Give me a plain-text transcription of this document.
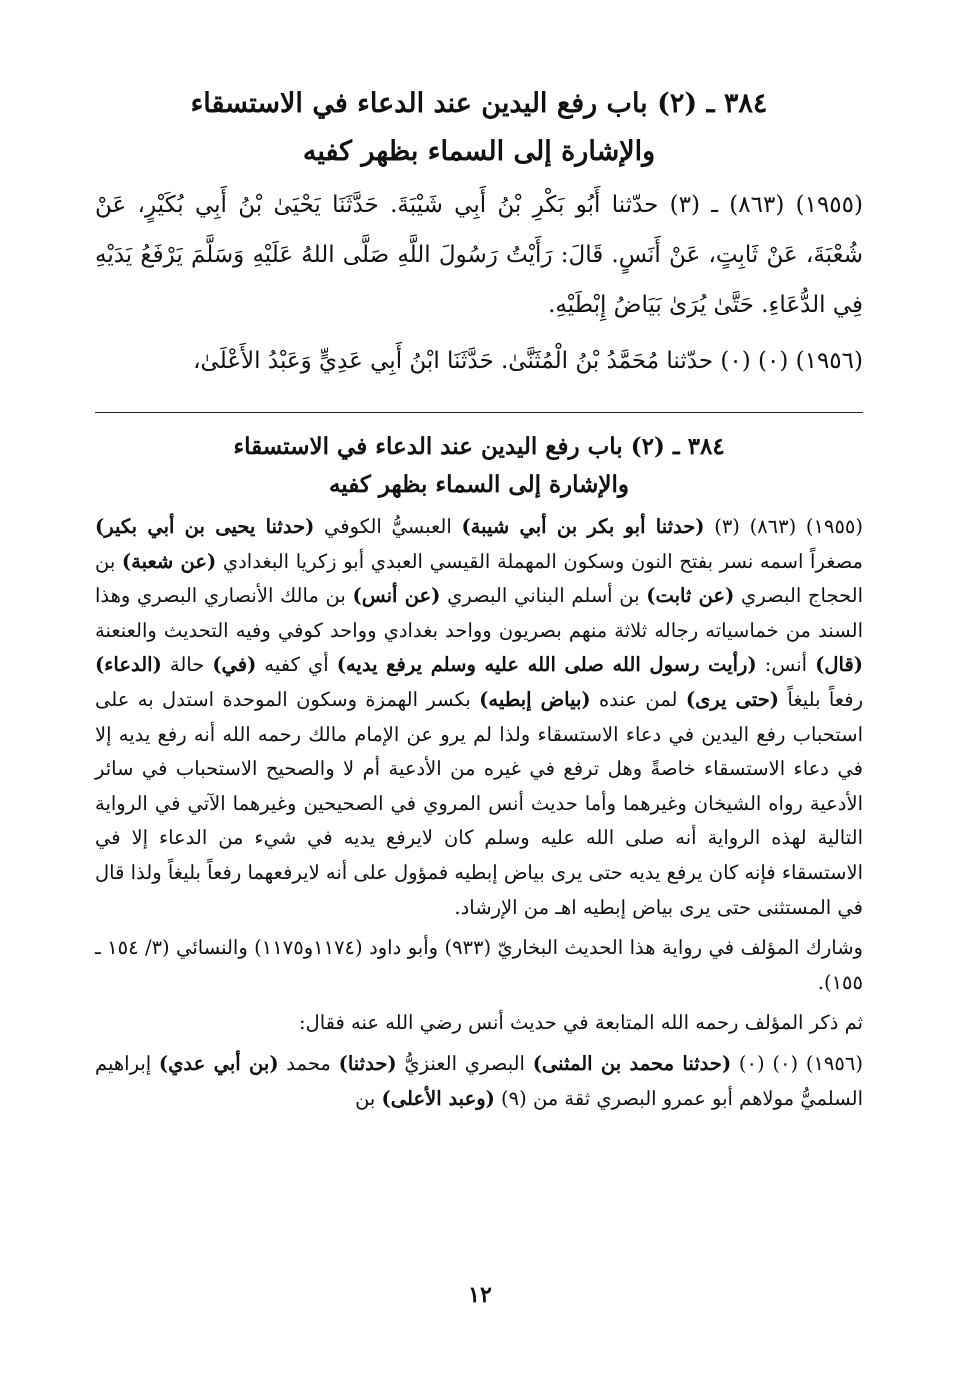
٣٨٤ ـ (٢) باب رفع اليدين عند الدعاء في الاستسقاء
والإشارة إلى السماء بظهر كفيه

(١٩٥٥) (٨٦٣) ـ (٣) حدّثنا أَبُو بَكْرِ بْنُ أَبِي شَيْبَةَ. حَدَّثَنَا يَحْيَىٰ بْنُ أَبِي بُكَيْرٍ، عَنْ شُعْبَةَ، عَنْ ثَابِتٍ، عَنْ أَنَسٍ. قَالَ: رَأَيْتُ رَسُولَ اللَّهِ صَلَّى اللهُ عَلَيْهِ وَسَلَّمَ يَرْفَعُ يَدَيْهِ فِي الدُّعَاءِ. حَتَّىٰ يُرَىٰ بَيَاضُ إِبْطَيْهِ.

(١٩٥٦) (٠) (٠) حدّثنا مُحَمَّدُ بْنُ الْمُثَنَّىٰ. حَدَّثَنَا ابْنُ أَبِي عَدِيٍّ وَعَبْدُ الأَعْلَىٰ،

٣٨٤ ـ (٢) باب رفع اليدين عند الدعاء في الاستسقاء
والإشارة إلى السماء بظهر كفيه

(١٩٥٥) (٨٦٣) (٣) (حدثنا أبو بكر بن أبي شيبة) العبسيُّ الكوفي (حدثنا يحيى بن أبي بكير) مصغراً اسمه نسر بفتح النون وسكون المهملة القيسي العبدي أبو زكريا البغدادي (عن شعبة) بن الحجاج البصري (عن ثابت) بن أسلم البناني البصري (عن أنس) بن مالك الأنصاري البصري وهذا السند من خماسياته رجاله ثلاثة منهم بصريون وواحد بغدادي وواحد كوفي وفيه التحديث والعنعنة (قال) أنس: (رأيت رسول الله صلى الله عليه وسلم يرفع يديه) أي كفيه (في) حالة (الدعاء) رفعاً بليغاً (حتى يرى) لمن عنده (بياض إبطيه) بكسر الهمزة وسكون الموحدة استدل به على استحباب رفع اليدين في دعاء الاستسقاء ولذا لم يرو عن الإمام مالك رحمه الله أنه رفع يديه إلا في دعاء الاستسقاء خاصةً وهل ترفع في غيره من الأدعية أم لا والصحيح الاستحباب في سائر الأدعية رواه الشيخان وغيرهما وأما حديث أنس المروي في الصحيحين وغيرهما الآتي في الرواية التالية لهذه الرواية أنه صلى الله عليه وسلم كان لايرفع يديه في شيء من الدعاء إلا في الاستسقاء فإنه كان يرفع يديه حتى يرى بياض إبطيه فمؤول على أنه لايرفعهما رفعاً بليغاً ولذا قال في المستثنى حتى يرى بياض إبطيه اهـ من الإرشاد.

وشارك المؤلف في رواية هذا الحديث البخاريّ (٩٣٣) وأبو داود (١١٧٤و١١٧٥) والنسائي (٣/ ١٥٤ ـ ١٥٥).

ثم ذكر المؤلف رحمه الله المتابعة في حديث أنس رضي الله عنه فقال:

(١٩٥٦) (٠) (٠) (حدثنا محمد بن المثنى) البصري العنزيُّ (حدثنا) محمد (بن أبي عدي) إبراهيم السلميُّ مولاهم أبو عمرو البصري ثقة من (٩) (وعبد الأعلى) بن

١٢
